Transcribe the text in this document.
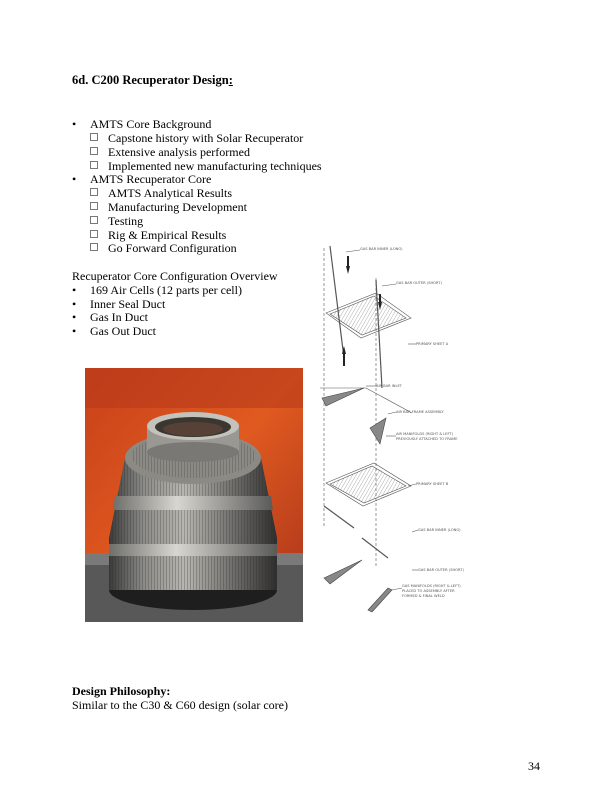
6d. C200 Recuperator Design:
• AMTS Core Background
Capstone history with Solar Recuperator
Extensive analysis performed
Implemented new manufacturing techniques
• AMTS Recuperator Core
AMTS Analytical Results
Manufacturing Development
Testing
Rig & Empirical Results
Go Forward Configuration
Recuperator Core Configuration Overview
• 169 Air Cells (12 parts per cell)
• Inner Seal Duct
• Gas In Duct
• Gas Out Duct
GAS BAR INNER (LONG)
GAS BAR OUTER (SHORT)
PRIMARY SHEET A
AIR BAR INLET
AIR BAR FRAME ASSEMBLY
AIR MANIFOLDS (RIGHT & LEFT)
PREVIOUSLY ATTACHED TO FRAME
PRIMARY SHEET B
GAS BAR INNER (LONG)
GAS BAR OUTER (SHORT)
GAS MANIFOLDS (RIGHT & LEFT)
PLACED TO ASSEMBLY AFTER
FORMED & FINAL WELD
Design Philosophy:
Similar to the C30 & C60 design (solar core)
34
